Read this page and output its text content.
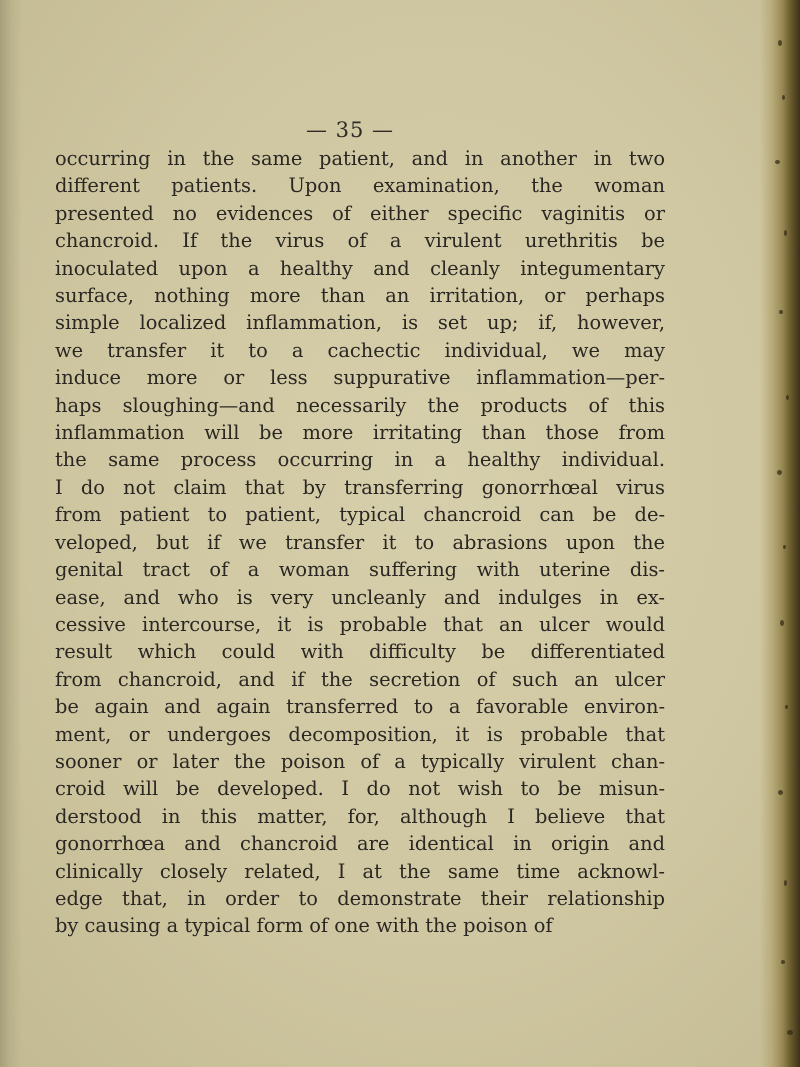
— 35 —
occurring in the same patient, and in another in two
different patients. Upon examination, the woman
presented no evidences of either specific vaginitis or
chancroid. If the virus of a virulent urethritis be
inoculated upon a healthy and cleanly integumentary
surface, nothing more than an irritation, or perhaps
simple localized inflammation, is set up; if, however,
we transfer it to a cachectic individual, we may
induce more or less suppurative inflammation—per-
haps sloughing—and necessarily the products of this
inflammation will be more irritating than those from
the same process occurring in a healthy individual.
I do not claim that by transferring gonorrhœal virus
from patient to patient, typical chancroid can be de-
veloped, but if we transfer it to abrasions upon the
genital tract of a woman suffering with uterine dis-
ease, and who is very uncleanly and indulges in ex-
cessive intercourse, it is probable that an ulcer would
result which could with difficulty be differentiated
from chancroid, and if the secretion of such an ulcer
be again and again transferred to a favorable environ-
ment, or undergoes decomposition, it is probable that
sooner or later the poison of a typically virulent chan-
croid will be developed. I do not wish to be misun-
derstood in this matter, for, although I believe that
gonorrhœa and chancroid are identical in origin and
clinically closely related, I at the same time acknowl-
edge that, in order to demonstrate their relationship
by causing a typical form of one with the poison of
